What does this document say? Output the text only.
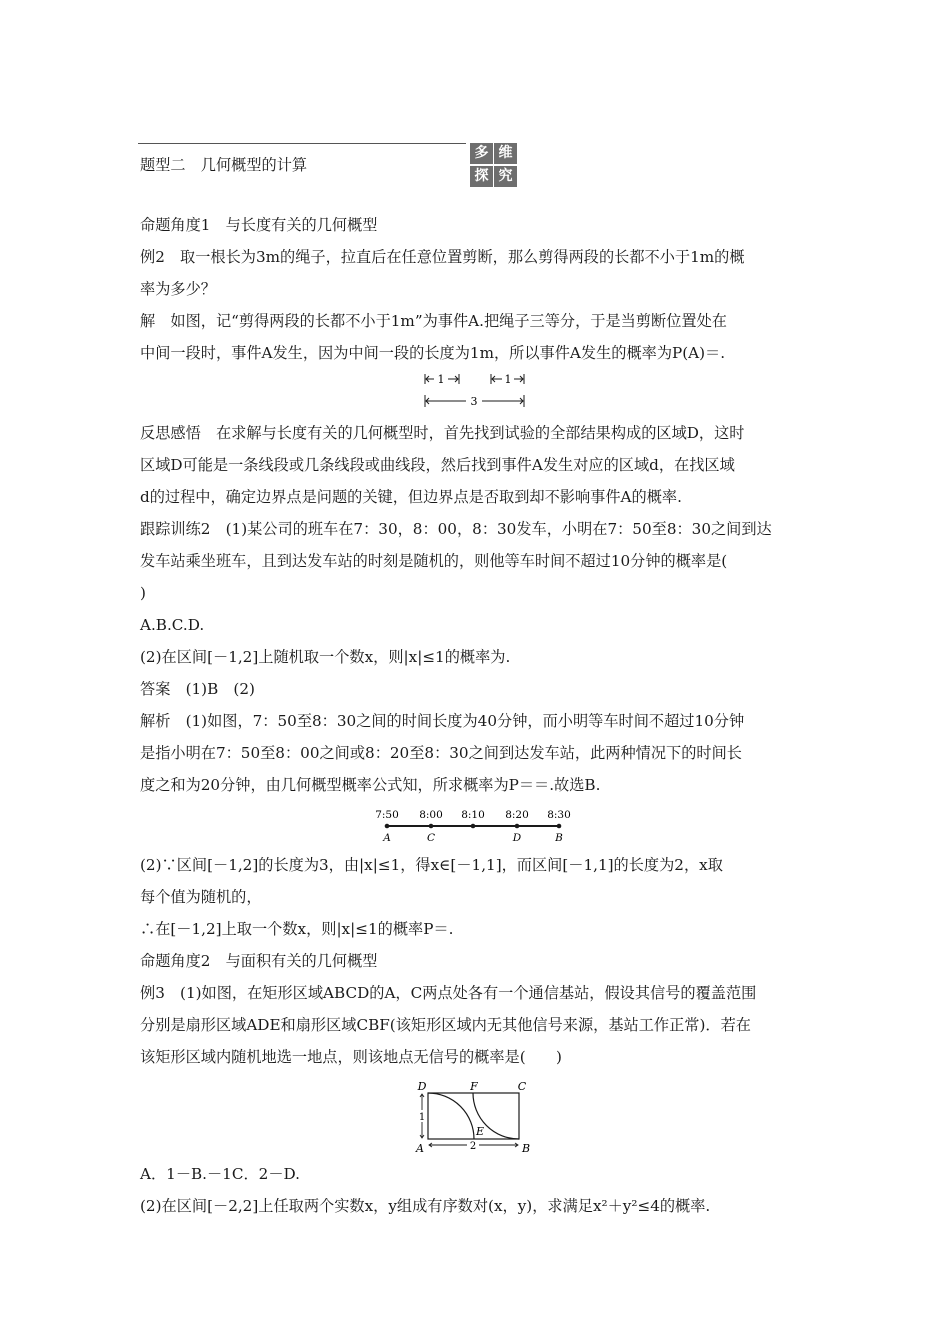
题型二　几何概型的计算
多 维
探 究
命题角度1　与长度有关的几何概型
例2　取一根长为3m的绳子，拉直后在任意位置剪断，那么剪得两段的长都不小于1m的概
率为多少？
解　如图，记“剪得两段的长都不小于1m”为事件A.把绳子三等分，于是当剪断位置处在
中间一段时，事件A发生，因为中间一段的长度为1m，所以事件A发生的概率为P(A)＝.
1	1
3
反思感悟　在求解与长度有关的几何概型时，首先找到试验的全部结果构成的区域D，这时
区域D可能是一条线段或几条线段或曲线段，然后找到事件A发生对应的区域d，在找区域
d的过程中，确定边界点是问题的关键，但边界点是否取到却不影响事件A的概率.
跟踪训练2　(1)某公司的班车在7：30，8：00，8：30发车，小明在7：50至8：30之间到达
发车站乘坐班车，且到达发车站的时刻是随机的，则他等车时间不超过10分钟的概率是(
)
A.B.C.D.
(2)在区间[－1,2]上随机取一个数x，则|x|≤1的概率为.
答案　(1)B　(2)
解析　(1)如图，7：50至8：30之间的时间长度为40分钟，而小明等车时间不超过10分钟
是指小明在7：50至8：00之间或8：20至8：30之间到达发车站，此两种情况下的时间长
度之和为20分钟，由几何概型概率公式知，所求概率为P＝＝.故选B.
7:50 8:00 8:10 8:20 8:30
A	C	D	B
(2)∵区间[－1,2]的长度为3，由|x|≤1，得x∈[－1,1]，而区间[－1,1]的长度为2，x取
每个值为随机的，
∴在[－1,2]上取一个数x，则|x|≤1的概率P＝.
命题角度2　与面积有关的几何概型
例3　(1)如图，在矩形区域ABCD的A，C两点处各有一个通信基站，假设其信号的覆盖范围
分别是扇形区域ADE和扇形区域CBF(该矩形区域内无其他信号来源，基站工作正常)．若在
该矩形区域内随机地选一地点，则该地点无信号的概率是(　　)
D	F	C
A
E
B
1
2
A．1－B.－1C．2－D.
(2)在区间[－2,2]上任取两个实数x，y组成有序数对(x，y)，求满足x²＋y²≤4的概率.
